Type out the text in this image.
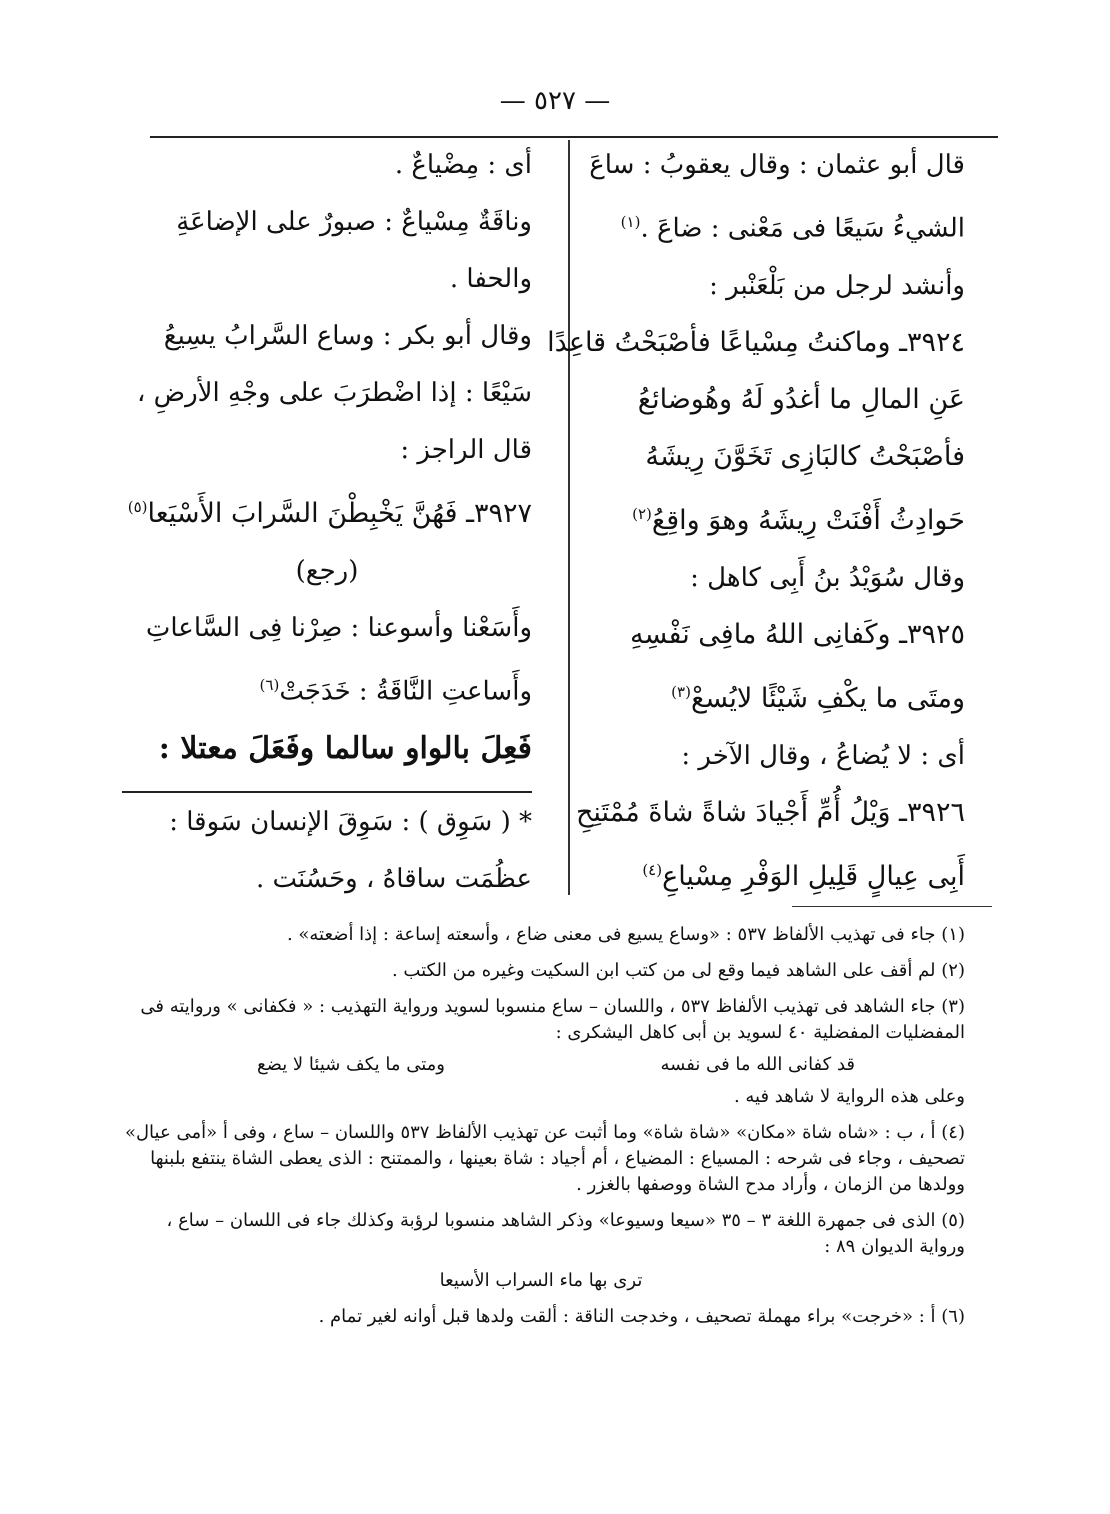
— ٥٢٧ —
قال أبو عثمان : وقال يعقوبُ : ساعَ
الشيءُ سَيعًا فى مَعْنى : ضاعَ .$^{(١)}$
وأنشد لرجل من بَلْعَنْبر :
٣٩٢٤ـ وماكنتُ مِسْياعًا فأصْبَحْتُ قاعِدًا
عَنِ المالِ ما أغدُو لَهُ وهُوضائعُ
فأصْبَحْتُ كالبَازِى تَخَوَّنَ رِيشَهُ
حَوادِثُ أَفْنَتْ رِيشَهُ وهوَ واقِعُ$^{(٢)}$
وقال سُوَيْدُ بنُ أَبِى كاهل :
٣٩٢٥ـ وكَفانِى اللهُ مافِى نَفْسِهِ
ومتَى ما يكْفِ شَيْئًا لايُسعْ$^{(٣)}$
أى : لا يُضاعُ ، وقال الآخر :
٣٩٢٦ـ وَيْلُ أُمِّ أَجْيادَ شاةً شاةَ مُمْتَنِحِ
أَبِى عِيالٍ قَلِيلِ الوَفْرِ مِسْياعِ$^{(٤)}$
أى : مِضْياعٌ .
وناقَةٌ مِسْياعٌ : صبورٌ على الإضاعَةِ
والحفا .
وقال أبو بكر : وساع السَّرابُ يسِيعُ
سَيْعًا : إذا اضْطرَبَ على وجْهِ الأرضِ ،
قال الراجز :
٣٩٢٧ـ فَهُنَّ يَخْبِطْنَ السَّرابَ الأَسْيَعا$^{(٥)}$
(رجع)
وأَسَعْنا وأسوعنا : صِرْنا فِى السَّاعاتِ
وأَساعتِ النَّاقَةُ : خَدَجَتْ$^{(٦)}$
فَعِلَ بالواو سالما وفَعَلَ معتلا :
* ( سَوِق ) : سَوِقَ الإنسان سَوقا :
عظُمَت ساقاهُ ، وحَسُنَت .
(١) جاء فى تهذيب الألفاظ ٥٣٧ : «وساع يسيع فى معنى ضاع ، وأسعته إساعة : إذا أضعته» .
(٢) لم أقف على الشاهد فيما وقع لى من كتب ابن السكيت وغيره من الكتب .
(٣) جاء الشاهد فى تهذيب الألفاظ ٥٣٧ ، واللسان – ساع منسوبا لسويد ورواية التهذيب : « فكفانى » وروايته فى المفضليات المفضلية ٤٠ لسويد بن أبى كاهل اليشكرى :
قد كفانى الله ما فى نفسه
ومتى ما يكف شيئا لا يضع
وعلى هذه الرواية لا شاهد فيه .
(٤) أ ، ب : «شاه شاة «مكان» «شاة شاة» وما أثبت عن تهذيب الألفاظ ٥٣٧ واللسان – ساع ، وفى أ «أمى عيال» تصحيف ، وجاء فى شرحه : المسياع : المضياع ، أم أجياد : شاة بعينها ، والممتنح : الذى يعطى الشاة ينتفع بلبنها وولدها من الزمان ، وأراد مدح الشاة ووصفها بالغزر .
(٥) الذى فى جمهرة اللغة ٣ – ٣٥ «سيعا وسيوعا» وذكر الشاهد منسوبا لرؤبة وكذلك جاء فى اللسان – ساع ، ورواية الديوان ٨٩ :
ترى بها ماء السراب الأسيعا
(٦) أ : «خرجت» براء مهملة تصحيف ، وخدجت الناقة : ألقت ولدها قبل أوانه لغير تمام .
